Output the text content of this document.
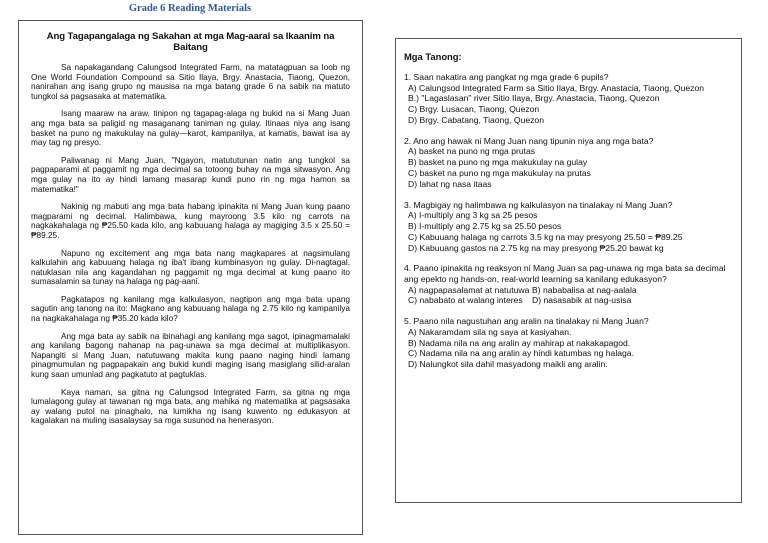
Grade 6 Reading Materials
Ang Tagapangalaga ng Sakahan at mga Mag-aaral sa Ikaanim na Baitang

Sa napakagandang Calungsod Integrated Farm, na matatagpuan sa loob ng One World Foundation Compound sa Sitio Ilaya, Brgy. Anastacia, Tiaong, Quezon, nanirahan ang isang grupo ng mausisa na mga batang grade 6 na sabik na matuto tungkol sa pagsasaka at matematika.

Isang maaraw na araw, tinipon ng tagapag-alaga ng bukid na si Mang Juan ang mga bata sa paligid ng masaganang taniman ng gulay. Itinaas niya ang isang basket na puno ng makukulay na gulay—karot, kampanilya, at kamatis, bawat isa ay may tag ng presyo.

Paliwanag ni Mang Juan, "Ngayon, matututunan natin ang tungkol sa pagpaparami at paggamit ng mga decimal sa totoong buhay na mga sitwasyon. Ang mga gulay na ito ay hindi lamang masarap kundi puno rin ng mga hamon sa matematika!"

Nakinig ng mabuti ang mga bata habang ipinakita ni Mang Juan kung paano magparami ng decimal. Halimbawa, kung mayroong 3.5 kilo ng carrots na nagkakahalaga ng ₱25.50 kada kilo, ang kabuuang halaga ay magiging 3.5 x 25.50 = ₱89.25.

Napuno ng excitement ang mga bata nang magkapares at nagsimulang kalkulahin ang kabuuang halaga ng iba't ibang kumbinasyon ng gulay. Di-nagtagal, natuklasan nila ang kagandahan ng paggamit ng mga decimal at kung paano ito sumasalamin sa tunay na halaga ng pag-aani.

Pagkatapos ng kanilang mga kalkulasyon, nagtipon ang mga bata upang sagutin ang tanong na ito: Magkano ang kabuuang halaga ng 2.75 kilo ng kampanilya na nagkakahalaga ng ₱35.20 kada kilo?

Ang mga bata ay sabik na ibinahagi ang kanilang mga sagot, ipinagmamalaki ang kanilang bagong nahanap na pag-unawa sa mga decimal at multiplikasyon. Napangiti si Mang Juan, natutuwang makita kung paano naging hindi lamang pinagmumulan ng pagpapakain ang bukid kundi maging isang masiglang silid-aralan kung saan umunlad ang pagkatuto at pagtuklas.

Kaya naman, sa gitna ng Calungsod Integrated Farm, sa gitna ng mga lumalagong gulay at tawanan ng mga bata, ang mahika ng matematika at pagsasaka ay walang putol na pinaghalo, na lumikha ng isang kuwento ng edukasyon at kagalakan na muling isasalaysay sa mga susunod na henerasyon.

Mga Tanong:

1. Saan nakatira ang pangkat ng mga grade 6 pupils?

A) Calungsod Integrated Farm sa Sitio Ilaya, Brgy. Anastacia, Tiaong, Quezon
B.) "Lagaslasan" river Sitio Ilaya, Brgy. Anastacia, Tiaong, Quezon
C) Brgy. Lusacan, Tiaong, Quezon
D) Brgy. Cabatang, Tiaong, Quezon

2. Ano ang hawak ni Mang Juan nang tipunin niya ang mga bata?

A) basket na puno ng mga prutas
B) basket na puno ng mga makukulay na gulay
C) basket na puno ng mga makukulay na prutas
D) lahat ng nasa itaas

3. Magbigay ng halimbawa ng kalkulasyon na tinalakay ni Mang Juan?

A) I-multiply ang 3 kg sa 25 pesos
B) I-multiply ang 2.75 kg sa 25.50 pesos
C) Kabuuang halaga ng carrots 3.5 kg na may presyong 25.50 = ₱89.25
D) Kabuuang gastos na 2.75 kg na may presyong ₱25.20 bawat kg

4. Paano ipinakita ng reaksyon ni Mang Juan sa pag-unawa ng mga bata sa decimal ang epekto ng hands-on, real-world learning sa kanilang edukasyon?

A) nagpapasalamat at natutuwa B) nababalisa at nag-aalala
C) nababato at walang interes	D) nasasabik at nag-usisa

5. Paano nila nagustuhan ang aralin na tinalakay ni Mang Juan?

A) Nakaramdam sila ng saya at kasiyahan.
B) Nadama nila na ang aralin ay mahirap at nakakapagod.
C) Nadama nila na ang aralin ay hindi katumbas ng halaga.
D) Nalungkot sila dahil masyadong maikli ang aralin.
